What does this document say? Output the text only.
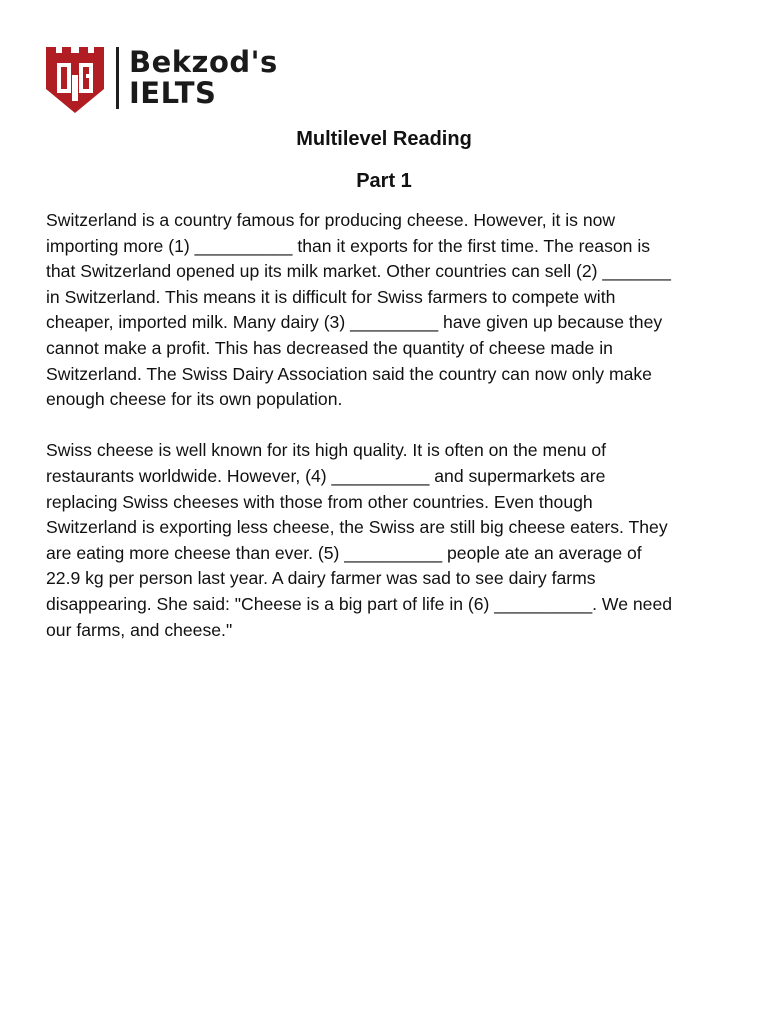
Bekzod's
IELTS
Multilevel Reading
Part 1

Switzerland is a country famous for producing cheese. However, it is now
importing more (1) __________ than it exports for the first time. The reason is
that Switzerland opened up its milk market. Other countries can sell (2) _______
in Switzerland. This means it is difficult for Swiss farmers to compete with
cheaper, imported milk. Many dairy (3) _________ have given up because they
cannot make a profit. This has decreased the quantity of cheese made in
Switzerland. The Swiss Dairy Association said the country can now only make
enough cheese for its own population.

Swiss cheese is well known for its high quality. It is often on the menu of
restaurants worldwide. However, (4) __________ and supermarkets are
replacing Swiss cheeses with those from other countries. Even though
Switzerland is exporting less cheese, the Swiss are still big cheese eaters. They
are eating more cheese than ever. (5) __________ people ate an average of
22.9 kg per person last year. A dairy farmer was sad to see dairy farms
disappearing. She said: "Cheese is a big part of life in (6) __________. We need
our farms, and cheese."
